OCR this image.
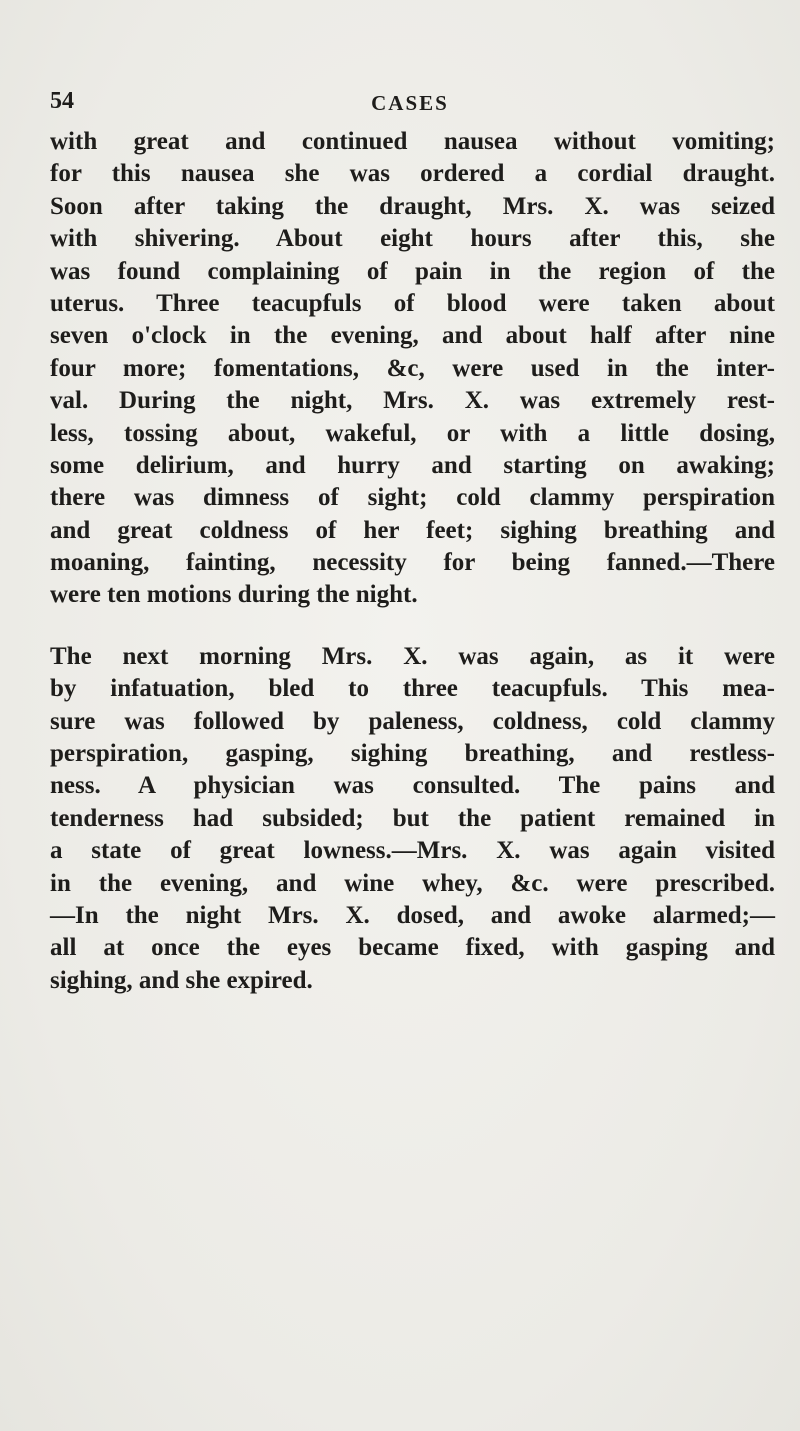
CASES
54
with great and continued nausea without vomiting;
for this nausea she was ordered a cordial draught.
Soon after taking the draught, Mrs. X. was seized
with shivering. About eight hours after this, she
was found complaining of pain in the region of the
uterus. Three teacupfuls of blood were taken about
seven o'clock in the evening, and about half after nine
four more; fomentations, &c, were used in the inter-
val. During the night, Mrs. X. was extremely rest-
less, tossing about, wakeful, or with a little dosing,
some delirium, and hurry and starting on awaking;
there was dimness of sight; cold clammy perspiration
and great coldness of her feet; sighing breathing and
moaning, fainting, necessity for being fanned.—There
were ten motions during the night.
The next morning Mrs. X. was again, as it were
by infatuation, bled to three teacupfuls. This mea-
sure was followed by paleness, coldness, cold clammy
perspiration, gasping, sighing breathing, and restless-
ness. A physician was consulted. The pains and
tenderness had subsided; but the patient remained in
a state of great lowness.—Mrs. X. was again visited
in the evening, and wine whey, &c. were prescribed.
—In the night Mrs. X. dosed, and awoke alarmed;—
all at once the eyes became fixed, with gasping and
sighing, and she expired.
